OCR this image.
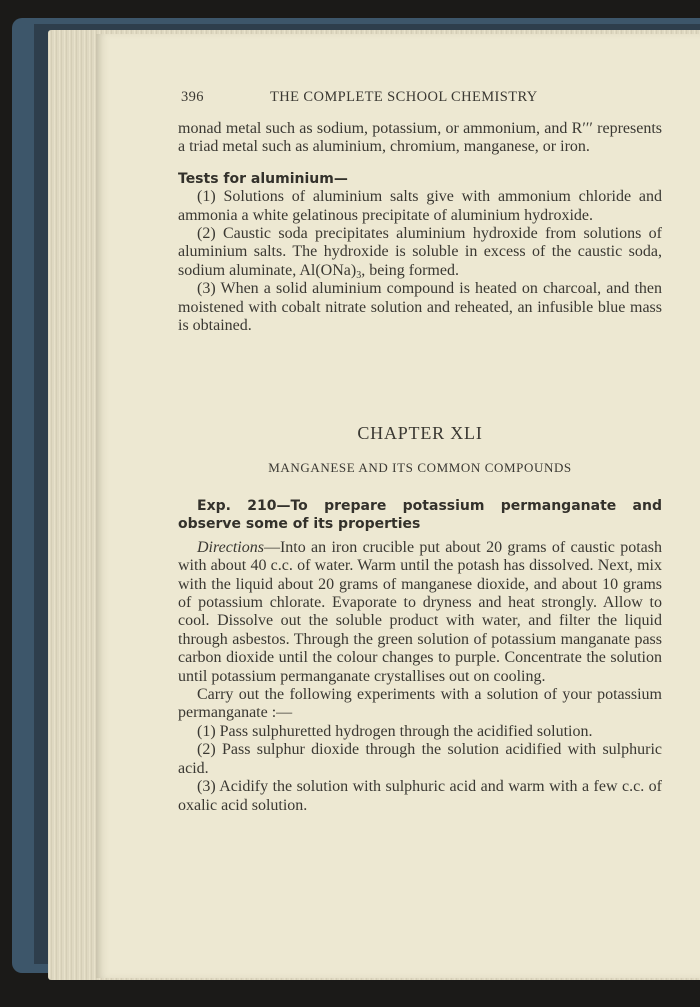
396	THE COMPLETE SCHOOL CHEMISTRY

monad metal such as sodium, potassium, or ammonium, and R′′′ represents a triad metal such as aluminium, chromium, manganese, or iron.

Tests for aluminium—

(1) Solutions of aluminium salts give with ammonium chloride and ammonia a white gelatinous precipitate of aluminium hydroxide.

(2) Caustic soda precipitates aluminium hydroxide from solutions of aluminium salts. The hydroxide is soluble in excess of the caustic soda, sodium aluminate, $Al(ONa)_3$, being formed.

(3) When a solid aluminium compound is heated on charcoal, and then moistened with cobalt nitrate solution and reheated, an infusible blue mass is obtained.

CHAPTER XLI
MANGANESE AND ITS COMMON COMPOUNDS

Exp. 210—To prepare potassium permanganate and observe some of its properties

Directions—Into an iron crucible put about 20 grams of caustic potash with about 40 c.c. of water. Warm until the potash has dissolved. Next, mix with the liquid about 20 grams of manganese dioxide, and about 10 grams of potassium chlorate. Evaporate to dryness and heat strongly. Allow to cool. Dissolve out the soluble product with water, and filter the liquid through asbestos. Through the green solution of potassium manganate pass carbon dioxide until the colour changes to purple. Concentrate the solution until potassium permanganate crystallises out on cooling.

Carry out the following experiments with a solution of your potassium permanganate :—

(1) Pass sulphuretted hydrogen through the acidified solution.

(2) Pass sulphur dioxide through the solution acidified with sulphuric acid.

(3) Acidify the solution with sulphuric acid and warm with a few c.c. of oxalic acid solution.
